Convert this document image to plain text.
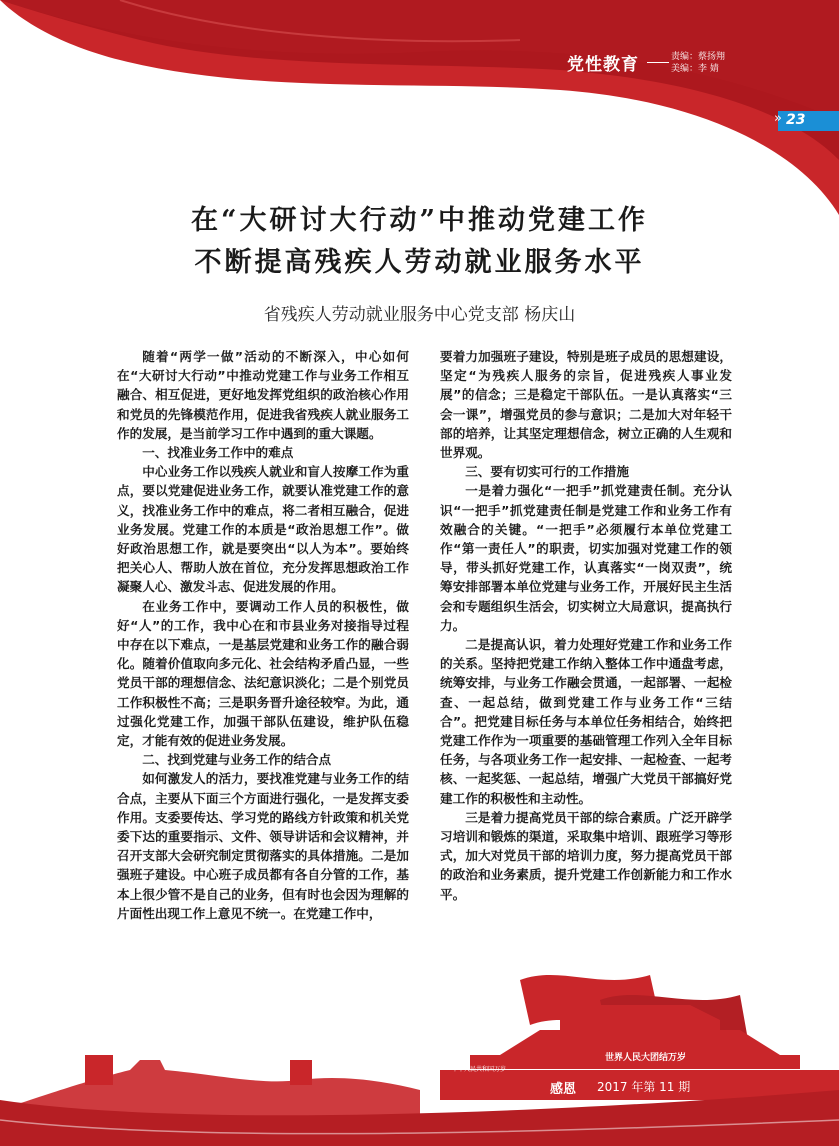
党性教育	责编：蔡扬翔
美编：李 婧
» 23
在“大研讨大行动”中推动党建工作
不断提高残疾人劳动就业服务水平
省残疾人劳动就业服务中心党支部 杨庆山

随着“两学一做”活动的不断深入，中心如何在“大研讨大行动”中推动党建工作与业务工作相互融合、相互促进，更好地发挥党组织的政治核心作用和党员的先锋模范作用，促进我省残疾人就业服务工作的发展，是当前学习工作中遇到的重大课题。

一、找准业务工作中的难点

中心业务工作以残疾人就业和盲人按摩工作为重点，要以党建促进业务工作，就要认准党建工作的意义，找准业务工作中的难点，将二者相互融合，促进业务发展。党建工作的本质是“政治思想工作”。做好政治思想工作，就是要突出“以人为本”。要始终把关心人、帮助人放在首位，充分发挥思想政治工作凝聚人心、激发斗志、促进发展的作用。

在业务工作中，要调动工作人员的积极性，做好“人”的工作，我中心在和市县业务对接指导过程中存在以下难点，一是基层党建和业务工作的融合弱化。随着价值取向多元化、社会结构矛盾凸显，一些党员干部的理想信念、法纪意识淡化；二是个别党员工作积极性不高；三是职务晋升途径较窄。为此，通过强化党建工作，加强干部队伍建设，维护队伍稳定，才能有效的促进业务发展。

二、找到党建与业务工作的结合点

如何激发人的活力，要找准党建与业务工作的结合点，主要从下面三个方面进行强化，一是发挥支委作用。支委要传达、学习党的路线方针政策和机关党委下达的重要指示、文件、领导讲话和会议精神，并召开支部大会研究制定贯彻落实的具体措施。二是加强班子建设。中心班子成员都有各自分管的工作，基本上很少管不是自己的业务，但有时也会因为理解的片面性出现工作上意见不统一。在党建工作中，

要着力加强班子建设，特别是班子成员的思想建设，坚定“为残疾人服务的宗旨，促进残疾人事业发展”的信念；三是稳定干部队伍。一是认真落实“三会一课”，增强党员的参与意识；二是加大对年轻干部的培养，让其坚定理想信念，树立正确的人生观和世界观。

三、要有切实可行的工作措施

一是着力强化“一把手”抓党建责任制。充分认识“一把手”抓党建责任制是党建工作和业务工作有效融合的关键。“一把手”必须履行本单位党建工作“第一责任人”的职责，切实加强对党建工作的领导，带头抓好党建工作，认真落实“一岗双责”，统筹安排部署本单位党建与业务工作，开展好民主生活会和专题组织生活会，切实树立大局意识，提高执行力。

二是提高认识，着力处理好党建工作和业务工作的关系。坚持把党建工作纳入整体工作中通盘考虑，统筹安排，与业务工作融会贯通，一起部署、一起检查、一起总结，做到党建工作与业务工作“三结合”。把党建目标任务与本单位任务相结合，始终把党建工作作为一项重要的基础管理工作列入全年目标任务，与各项业务工作一起安排、一起检查、一起考核、一起奖惩、一起总结，增强广大党员干部搞好党建工作的积极性和主动性。

三是着力提高党员干部的综合素质。广泛开辟学习培训和锻炼的渠道，采取集中培训、跟班学习等形式，加大对党员干部的培训力度，努力提高党员干部的政治和业务素质，提升党建工作创新能力和工作水平。

中华人民共和国万岁
世界人民大团结万岁
感恩 2017 年第 11 期
